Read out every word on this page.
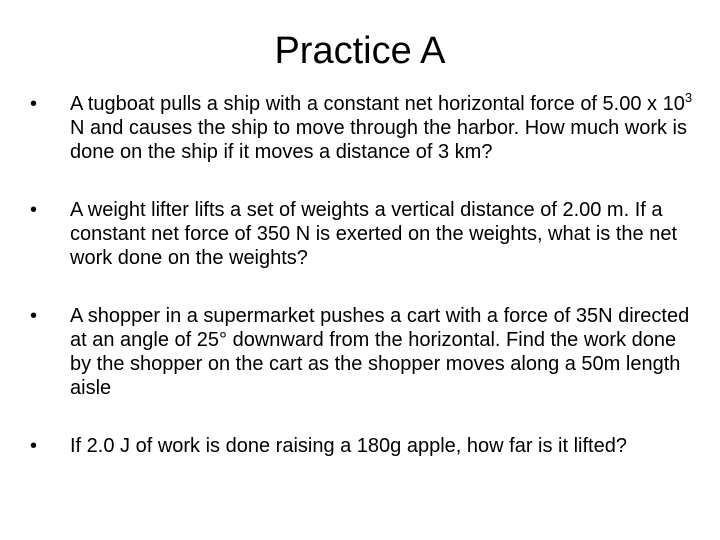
Practice A
•	A tugboat pulls a ship with a constant net horizontal force of 5.00 x $10^3$ N and causes the ship to move through the harbor. How much work is done on the ship if it moves a distance of 3 km?
•	A weight lifter lifts a set of weights a vertical distance of 2.00 m. If a constant net force of 350 N is exerted on the weights, what is the net work done on the weights?
•	A shopper in a supermarket pushes a cart with a force of 35N directed at an angle of 25° downward from the horizontal. Find the work done by the shopper on the cart as the shopper moves along a 50m length aisle
•	If 2.0 J of work is done raising a 180g apple, how far is it lifted?
